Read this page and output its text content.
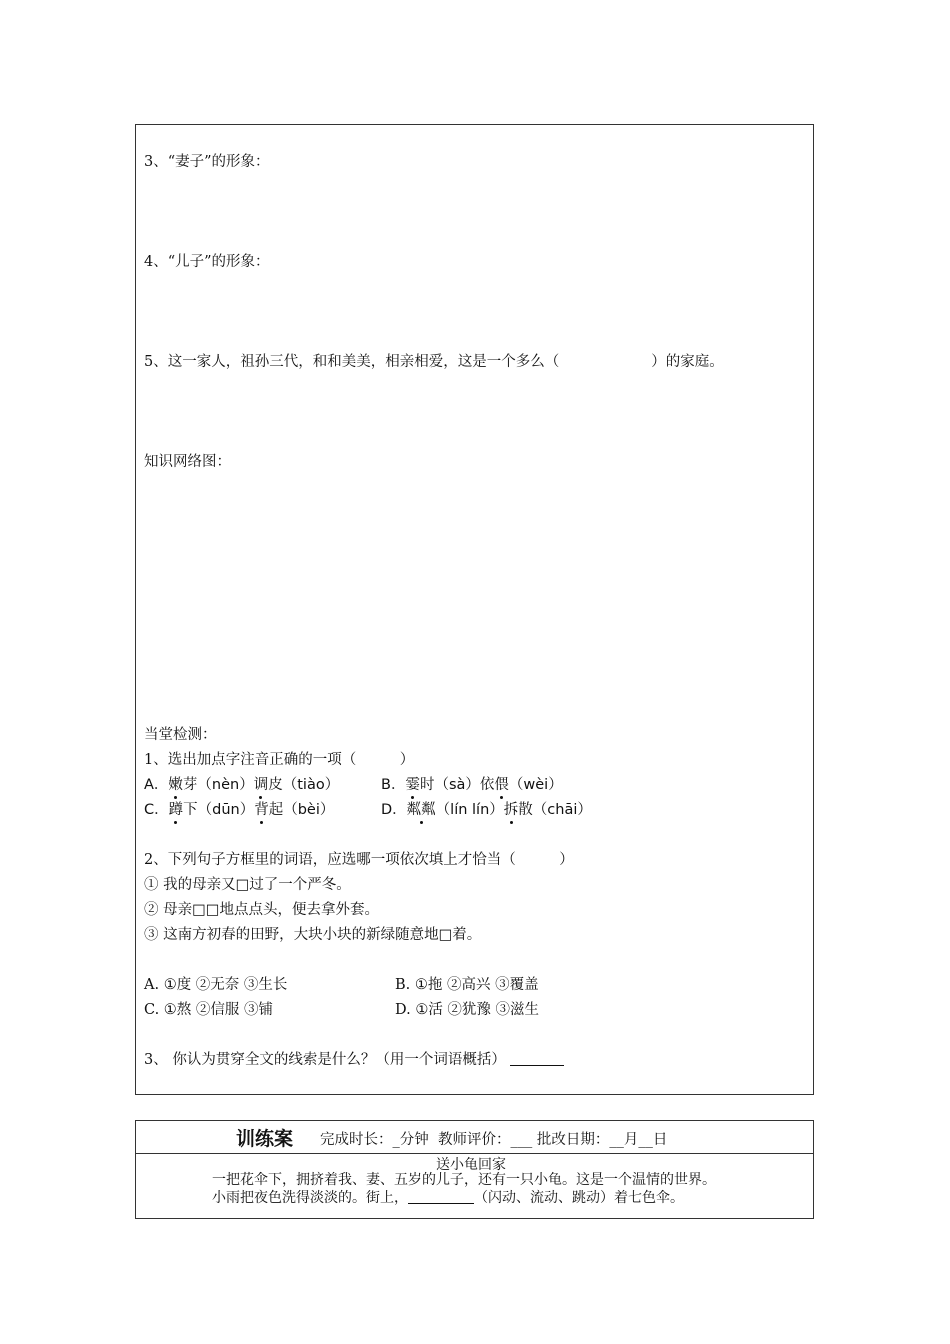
3、“妻子”的形象：
4、“儿子”的形象：
5、这一家人，祖孙三代，和和美美，相亲相爱，这是一个多么（	）的家庭。
知识网络图：
当堂检测：
1、选出加点字注音正确的一项（　　　）
A．嫩芽（nèn）调皮（tiào）	B．霎时（sà）依偎（wèi）
C．蹲下（dūn）背起（bèi）	D．粼粼（lín lín）拆散（chāi）
2、下列句子方框里的词语，应选哪一项依次填上才恰当（　　　）
① 我的母亲又□过了一个严冬。
② 母亲□□地点点头，便去拿外套。
③ 这南方初春的田野，大块小块的新绿随意地□着。
A. ①度 ②无奈 ③生长	B. ①拖 ②高兴 ③覆盖
C. ①熬 ②信服 ③铺	D. ①活 ②犹豫 ③滋生
3、 你认为贯穿全文的线索是什么？（用一个词语概括）
训练案 完成时长：_分钟  教师评价：___ 批改日期：__月__日
送小龟回家
一把花伞下，拥挤着我、妻、五岁的儿子，还有一只小龟。这是一个温情的世界。
小雨把夜色洗得淡淡的。街上，	（闪动、流动、跳动）着七色伞。
